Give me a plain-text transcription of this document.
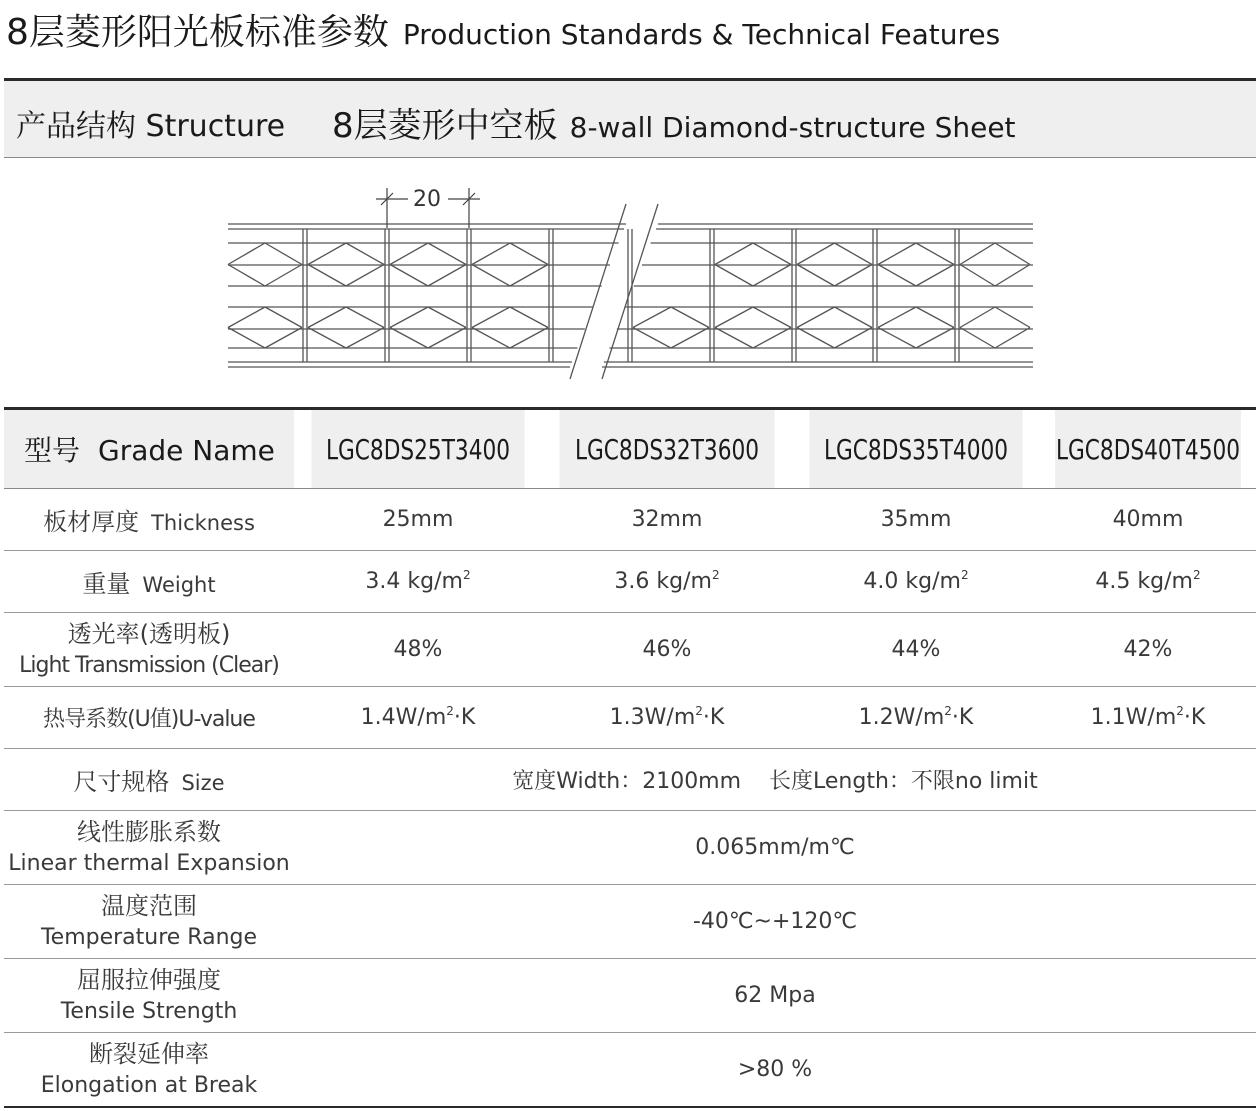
8层菱形阳光板标准参数 Production Standards & Technical Features
产品结构 Structure 8层菱形中空板 8-wall Diamond-structure Sheet
20
型号 Grade Name	LGC8DS25T3400	LGC8DS32T3600	LGC8DS35T4000	LGC8DS40T4500
板材厚度 Thickness	25mm	32mm	35mm	40mm
重量 Weight	3.4 $kg/m^2$	3.6 $kg/m^2$	4.0 $kg/m^2$	4.5 $kg/m^2$

透光率(透明板)
Light Transmission (Clear)	48%	46%	44%	42%
热导系数(U值)U-value	$1.4W/m^2\cdot K$	$1.3W/m^2\cdot K$	$1.2W/m^2\cdot K$	$1.1W/m^2\cdot K$
尺寸规格 Size	宽度Width：2100mm    长度Length：不限no limit			

线性膨胀系数
Linear thermal Expansion	0.065mm/m℃			

温度范围
Temperature Range	-40℃~+120℃			

屈服拉伸强度
Tensile Strength	62 Mpa			

断裂延伸率
Elongation at Break	>80 %			
